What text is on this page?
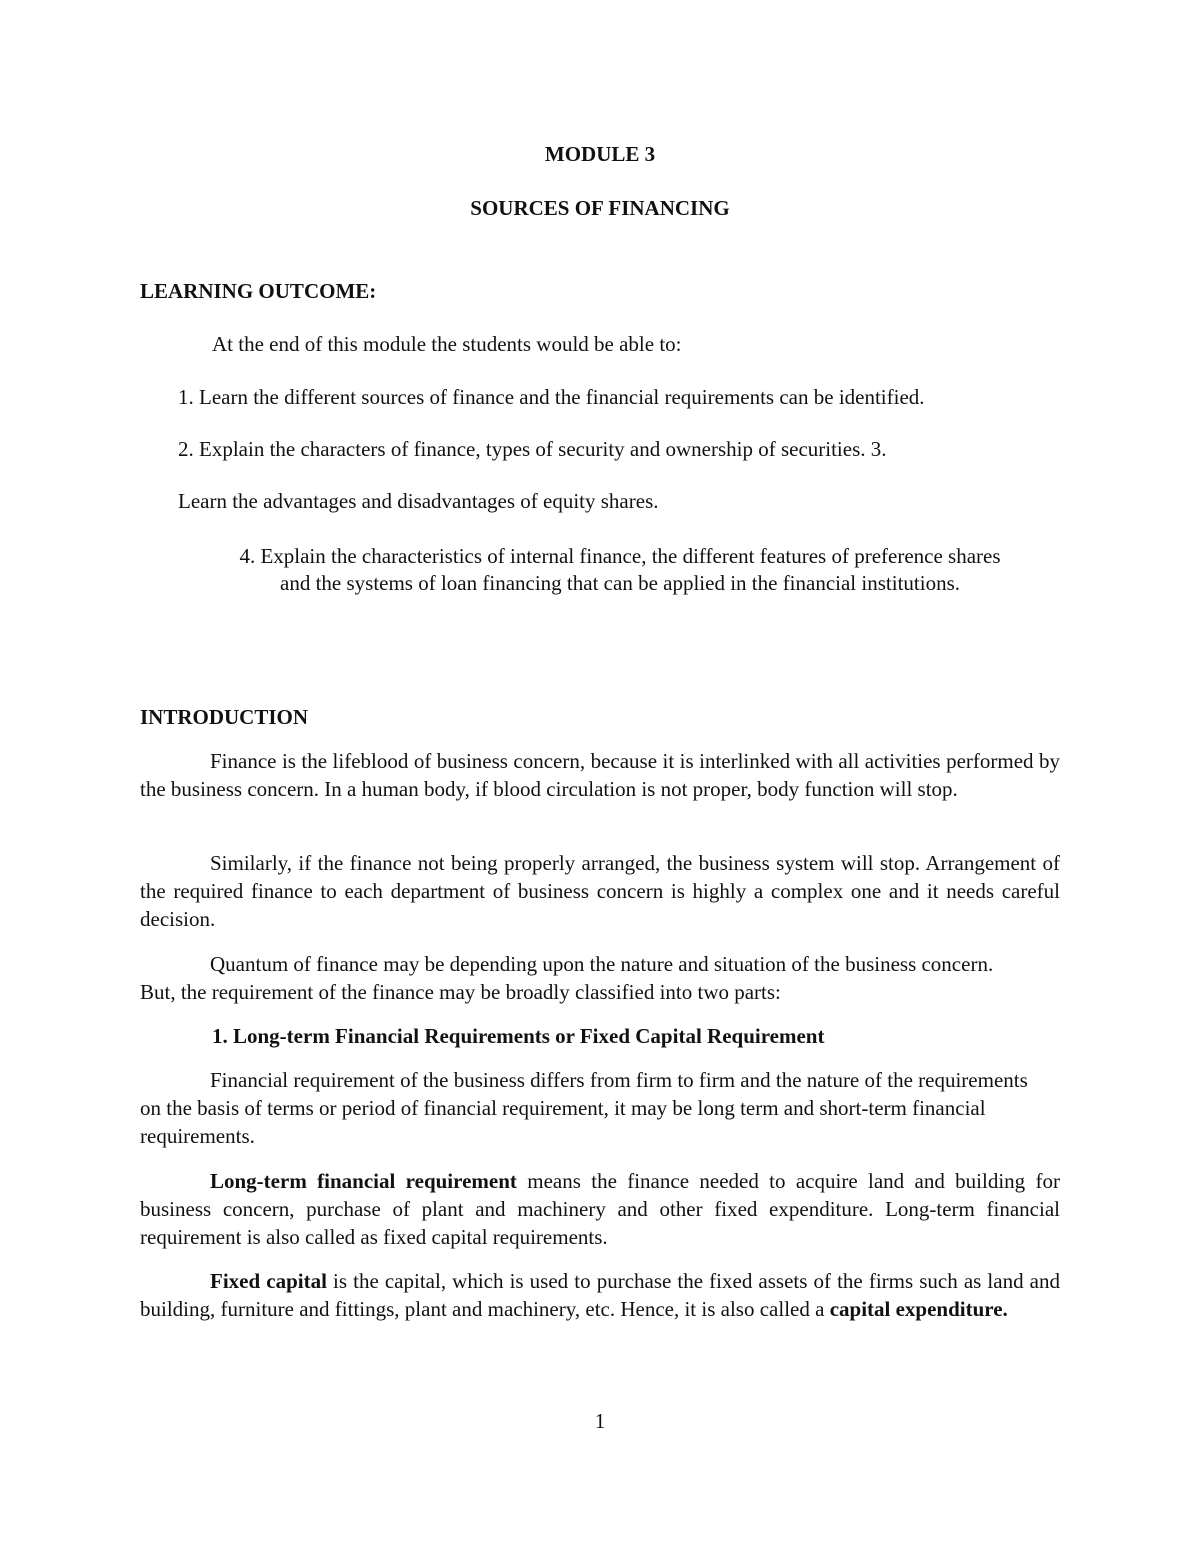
MODULE 3

SOURCES OF FINANCING

LEARNING OUTCOME:

At the end of this module the students would be able to:

1. Learn the different sources of finance and the financial requirements can be identified.

2. Explain the characters of finance, types of security and ownership of securities. 3.

Learn the advantages and disadvantages of equity shares.

4. Explain the characteristics of internal finance, the different features of preference shares

and the systems of loan financing that can be applied in the financial institutions.

INTRODUCTION

Finance is the lifeblood of business concern, because it is interlinked with all activities performed by the business concern. In a human body, if blood circulation is not proper, body function will stop.

Similarly, if the finance not being properly arranged, the business system will stop. Arrangement of the required finance to each department of business concern is highly a complex one and it needs careful decision.

Quantum of finance may be depending upon the nature and situation of the business concern. But, the requirement of the finance may be broadly classified into two parts:

1. Long-term Financial Requirements or Fixed Capital Requirement

Financial requirement of the business differs from firm to firm and the nature of the requirements on the basis of terms or period of financial requirement, it may be long term and short-term financial requirements.

Long-term financial requirement means the finance needed to acquire land and building for business concern, purchase of plant and machinery and other fixed expenditure. Long-term financial requirement is also called as fixed capital requirements.

Fixed capital is the capital, which is used to purchase the fixed assets of the firms such as land and building, furniture and fittings, plant and machinery, etc. Hence, it is also called a capital expenditure.

1
